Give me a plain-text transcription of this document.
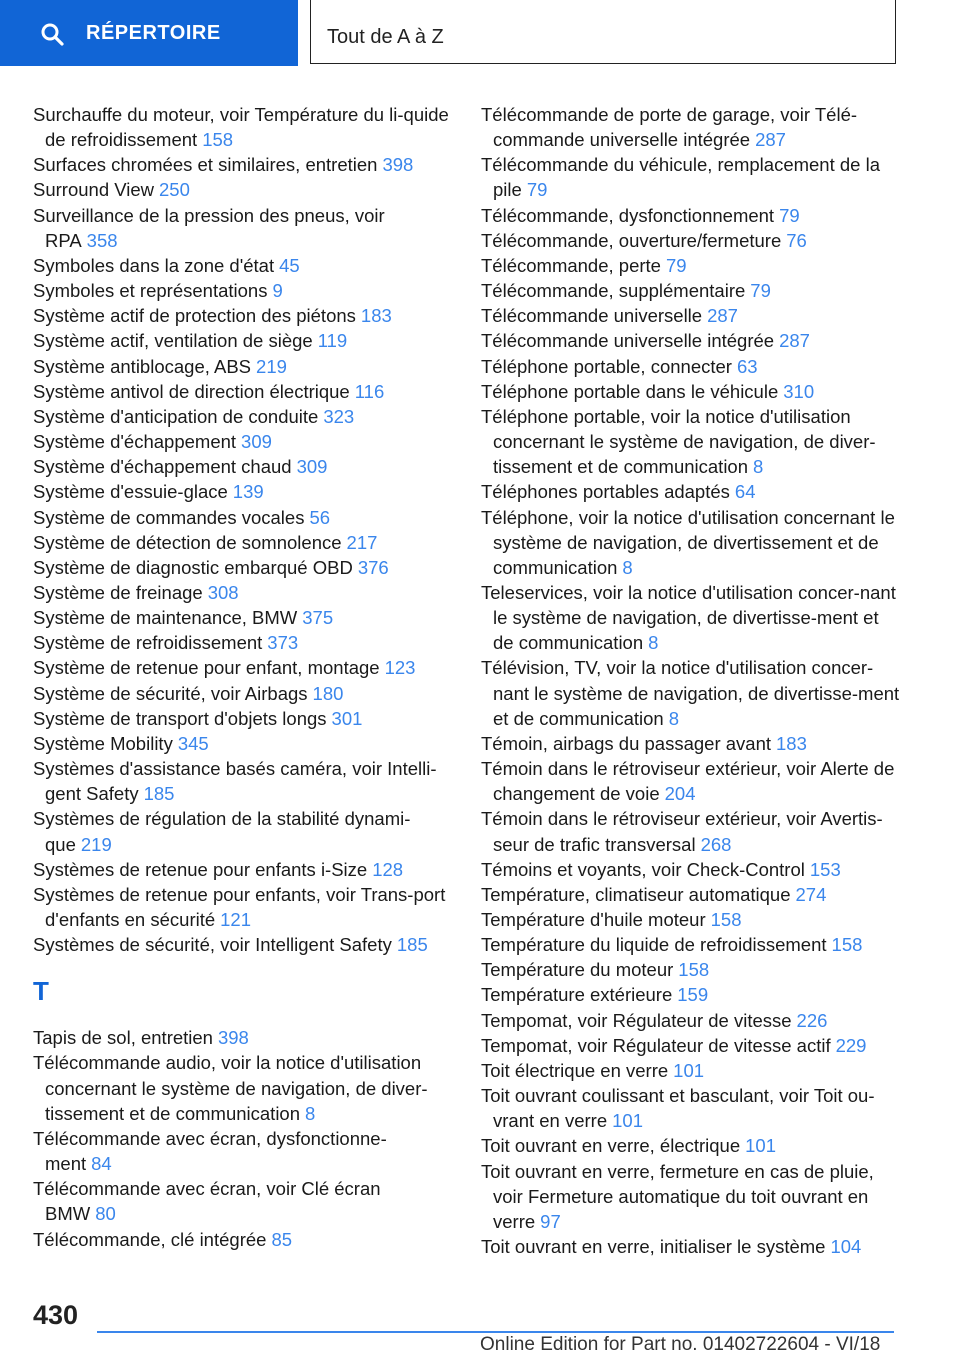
RÉPERTOIRE	Tout de A à Z
Surchauffe du moteur, voir Température du li‐quide de refroidissement 158
Surfaces chromées et similaires, entretien 398
Surround View 250
Surveillance de la pression des pneus, voir RPA 358
Symboles dans la zone d'état 45
Symboles et représentations 9
Système actif de protection des piétons 183
Système actif, ventilation de siège 119
Système antiblocage, ABS 219
Système antivol de direction électrique 116
Système d'anticipation de conduite 323
Système d'échappement 309
Système d'échappement chaud 309
Système d'essuie-glace 139
Système de commandes vocales 56
Système de détection de somnolence 217
Système de diagnostic embarqué OBD 376
Système de freinage 308
Système de maintenance, BMW 375
Système de refroidissement 373
Système de retenue pour enfant, montage 123
Système de sécurité, voir Airbags 180
Système de transport d'objets longs 301
Système Mobility 345
Systèmes d'assistance basés caméra, voir Intelli‐gent Safety 185
Systèmes de régulation de la stabilité dynami‐que 219
Systèmes de retenue pour enfants i-Size 128
Systèmes de retenue pour enfants, voir Trans‐port d'enfants en sécurité 121
Systèmes de sécurité, voir Intelligent Safety 185
T
Tapis de sol, entretien 398
Télécommande audio, voir la notice d'utilisation concernant le système de navigation, de diver‐tissement et de communication 8
Télécommande avec écran, dysfonctionne‐ment 84
Télécommande avec écran, voir Clé écran BMW 80
Télécommande, clé intégrée 85
Télécommande de porte de garage, voir Télé‐commande universelle intégrée 287
Télécommande du véhicule, remplacement de la pile 79
Télécommande, dysfonctionnement 79
Télécommande, ouverture/fermeture 76
Télécommande, perte 79
Télécommande, supplémentaire 79
Télécommande universelle 287
Télécommande universelle intégrée 287
Téléphone portable, connecter 63
Téléphone portable dans le véhicule 310
Téléphone portable, voir la notice d'utilisation concernant le système de navigation, de diver‐tissement et de communication 8
Téléphones portables adaptés 64
Téléphone, voir la notice d'utilisation concernant le système de navigation, de divertissement et de communication 8
Teleservices, voir la notice d'utilisation concer‐nant le système de navigation, de divertisse‐ment et de communication 8
Télévision, TV, voir la notice d'utilisation concer‐nant le système de navigation, de divertisse‐ment et de communication 8
Témoin, airbags du passager avant 183
Témoin dans le rétroviseur extérieur, voir Alerte de changement de voie 204
Témoin dans le rétroviseur extérieur, voir Avertis‐seur de trafic transversal 268
Témoins et voyants, voir Check-Control 153
Température, climatiseur automatique 274
Température d'huile moteur 158
Température du liquide de refroidissement 158
Température du moteur 158
Température extérieure 159
Tempomat, voir Régulateur de vitesse 226
Tempomat, voir Régulateur de vitesse actif 229
Toit électrique en verre 101
Toit ouvrant coulissant et basculant, voir Toit ou‐vrant en verre 101
Toit ouvrant en verre, électrique 101
Toit ouvrant en verre, fermeture en cas de pluie, voir Fermeture automatique du toit ouvrant en verre 97
Toit ouvrant en verre, initialiser le système 104
430
Online Edition for Part no. 01402722604 - VI/18
